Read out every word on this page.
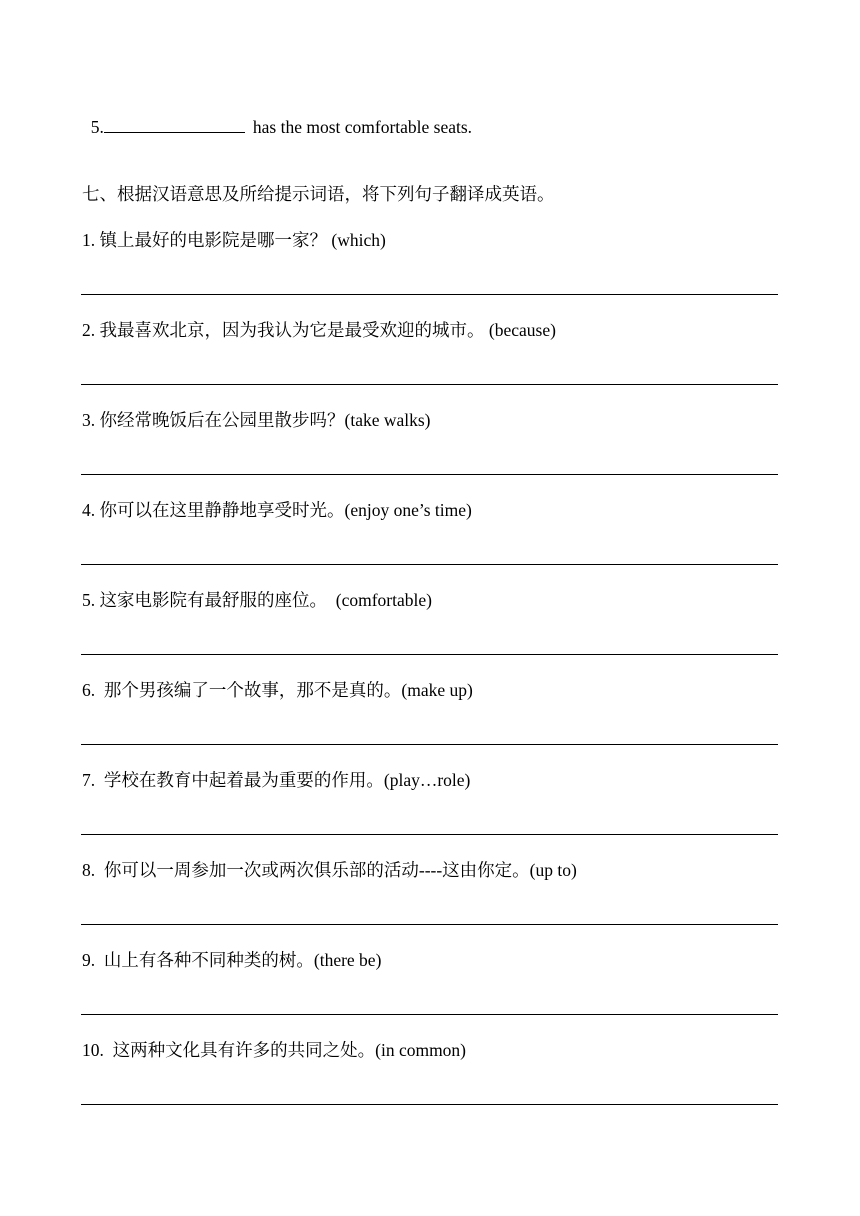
5.	has the most comfortable seats.

七、根据汉语意思及所给提示词语，将下列句子翻译成英语。
1. 镇上最好的电影院是哪一家？ (which)
2. 我最喜欢北京，因为我认为它是最受欢迎的城市。 (because)
3. 你经常晚饭后在公园里散步吗？(take walks)
4. 你可以在这里静静地享受时光。(enjoy one’s time)
5. 这家电影院有最舒服的座位。  (comfortable)
6.  那个男孩编了一个故事，那不是真的。(make up)
7.  学校在教育中起着最为重要的作用。(play…role)
8.  你可以一周参加一次或两次俱乐部的活动----这由你定。(up to)
9.  山上有各种不同种类的树。(there be)
10.  这两种文化具有许多的共同之处。(in common)
